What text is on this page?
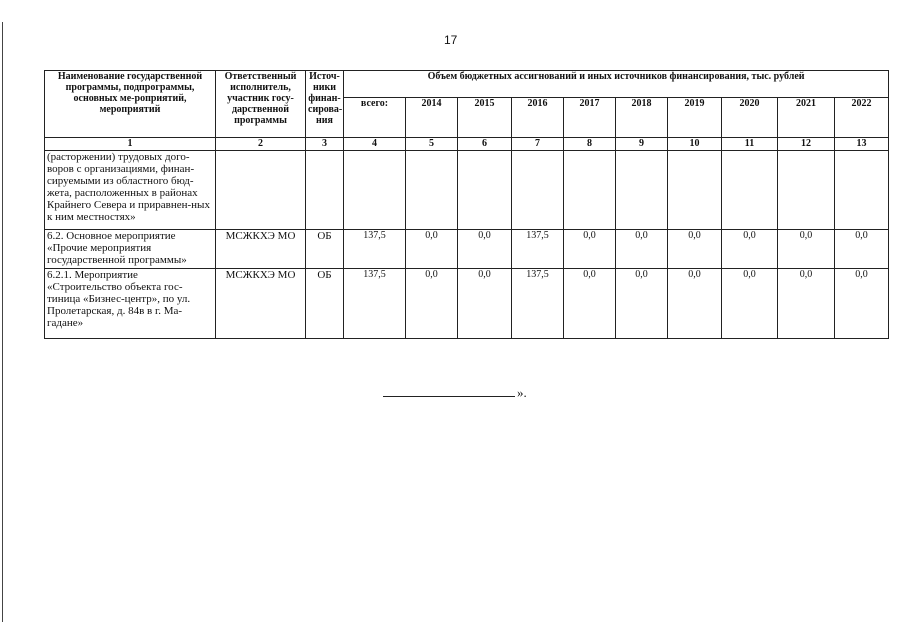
17
Наименование государственной программы, подпрограммы, основных ме-роприятий, мероприятий	Ответственный исполнитель, участник госу-дарственной программы	Источ-ники финан-сирова-ния	Объем бюджетных ассигнований и иных источников финансирования, тыс. рублей									
			всего:	2014	2015	2016	2017	2018	2019	2020	2021	2022
1	2	3	4	5	6	7	8	9	10	11	12	13
(расторжении) трудовых дого-воров с организациями, финан-сируемыми из областного бюд-жета, расположенных в районах Крайнего Севера и приравнен-ных к ним местностях»												
6.2. Основное мероприятие «Прочие мероприятия государственной программы»	МСЖКХЭ МО	ОБ	137,5	0,0	0,0	137,5	0,0	0,0	0,0	0,0	0,0	0,0
6.2.1. Мероприятие «Строительство объекта гос-тиница «Бизнес-центр», по ул. Пролетарская, д. 84в в г. Ма-гадане»	МСЖКХЭ МО	ОБ	137,5	0,0	0,0	137,5	0,0	0,0	0,0	0,0	0,0	0,0
».
